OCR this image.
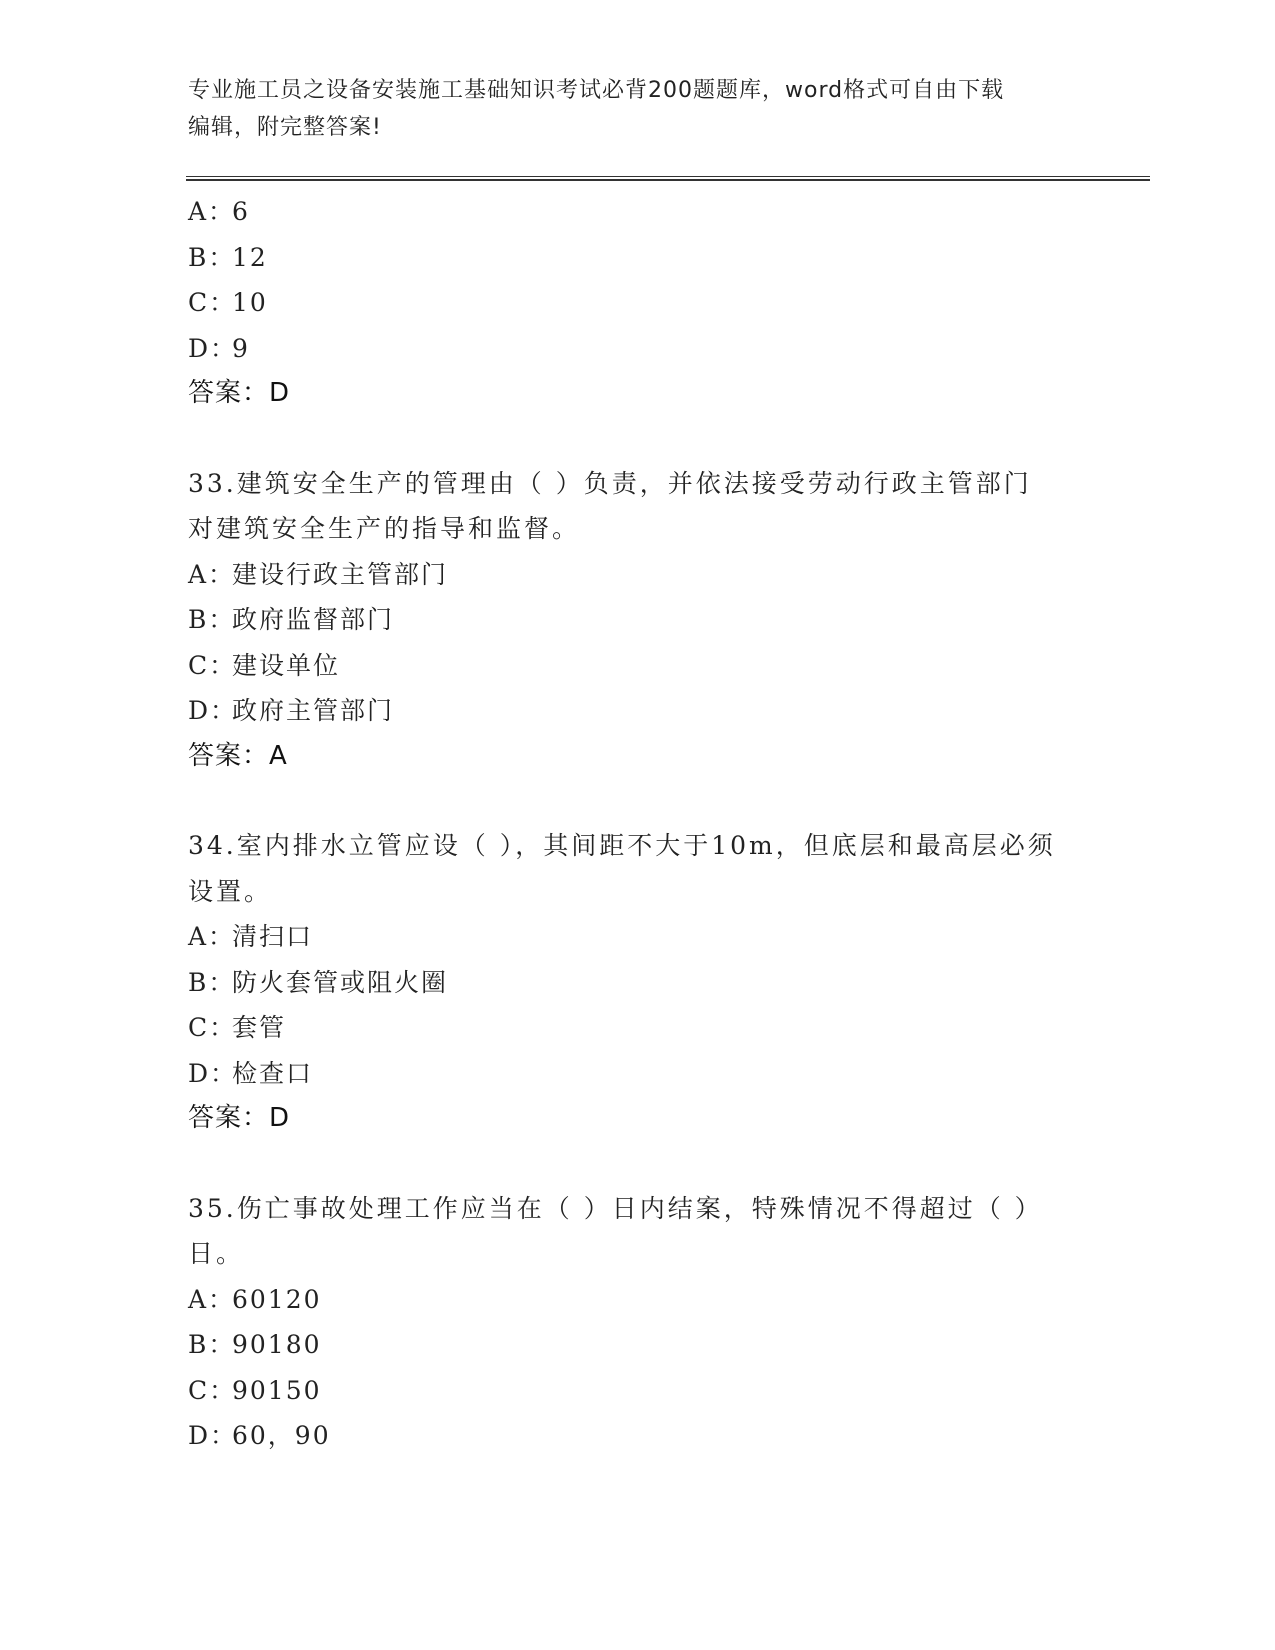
专业施工员之设备安装施工基础知识考试必背200题题库，word格式可自由下载
编辑，附完整答案!
A：6
B：12
C：10
D：9
答案：D
33.建筑安全生产的管理由（ ）负责，并依法接受劳动行政主管部门
对建筑安全生产的指导和监督。
A：建设行政主管部门
B：政府监督部门
C：建设单位
D：政府主管部门
答案：A
34.室内排水立管应设（ ），其间距不大于10m，但底层和最高层必须
设置。
A：清扫口
B：防火套管或阻火圈
C：套管
D：检查口
答案：D
35.伤亡事故处理工作应当在（ ）日内结案，特殊情况不得超过（ ）
日。
A：60120
B：90180
C：90150
D：60，90
